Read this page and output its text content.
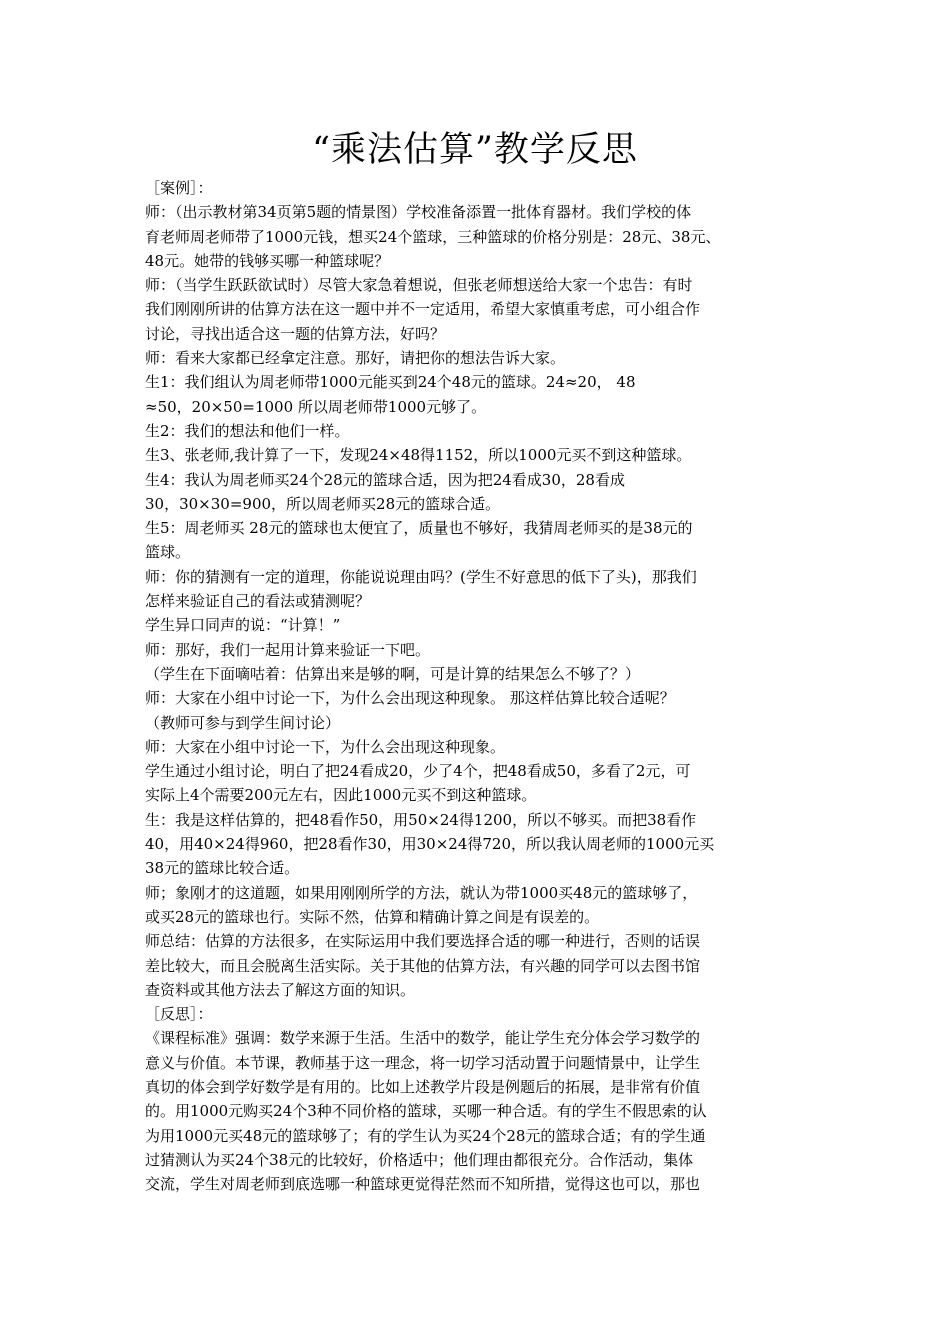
“乘法估算”教学反思
［案例］：
师：（出示教材第34页第5题的情景图）学校准备添置一批体育器材。我们学校的体
育老师周老师带了1000元钱，想买24个篮球，三种篮球的价格分别是：28元、38元、
48元。她带的钱够买哪一种篮球呢？
师：（当学生跃跃欲试时）尽管大家急着想说，但张老师想送给大家一个忠告：有时
我们刚刚所讲的估算方法在这一题中并不一定适用，希望大家慎重考虑，可小组合作
讨论，寻找出适合这一题的估算方法，好吗？
师：看来大家都已经拿定注意。那好，请把你的想法告诉大家。
生1：我们组认为周老师带1000元能买到24个48元的篮球。24≈20， 48
≈50，20×50=1000 所以周老师带1000元够了。
生2：我们的想法和他们一样。
生3、张老师,我计算了一下，发现24×48得1152，所以1000元买不到这种篮球。
生4：我认为周老师买24个28元的篮球合适，因为把24看成30，28看成
30，30×30=900，所以周老师买28元的篮球合适。
生5：周老师买 28元的篮球也太便宜了，质量也不够好，我猜周老师买的是38元的
篮球。
师：你的猜测有一定的道理，你能说说理由吗？(学生不好意思的低下了头)，那我们
怎样来验证自己的看法或猜测呢？
学生异口同声的说：“计算！”
师：那好，我们一起用计算来验证一下吧。
（学生在下面嘀咕着：估算出来是够的啊，可是计算的结果怎么不够了？）
师：大家在小组中讨论一下，为什么会出现这种现象。 那这样估算比较合适呢？
（教师可参与到学生间讨论）
师：大家在小组中讨论一下，为什么会出现这种现象。
学生通过小组讨论，明白了把24看成20，少了4个，把48看成50，多看了2元，可
实际上4个需要200元左右，因此1000元买不到这种篮球。
生：我是这样估算的，把48看作50，用50×24得1200，所以不够买。而把38看作
40，用40×24得960，把28看作30，用30×24得720，所以我认周老师的1000元买
38元的篮球比较合适。
师；象刚才的这道题，如果用刚刚所学的方法，就认为带1000买48元的篮球够了，
或买28元的篮球也行。实际不然，估算和精确计算之间是有误差的。
师总结：估算的方法很多，在实际运用中我们要选择合适的哪一种进行，否则的话误
差比较大，而且会脱离生活实际。关于其他的估算方法，有兴趣的同学可以去图书馆
查资料或其他方法去了解这方面的知识。
［反思］：
《课程标准》强调：数学来源于生活。生活中的数学，能让学生充分体会学习数学的
意义与价值。本节课，教师基于这一理念，将一切学习活动置于问题情景中，让学生
真切的体会到学好数学是有用的。比如上述教学片段是例题后的拓展，是非常有价值
的。用1000元购买24个3种不同价格的篮球，买哪一种合适。有的学生不假思索的认
为用1000元买48元的篮球够了；有的学生认为买24个28元的篮球合适；有的学生通
过猜测认为买24个38元的比较好，价格适中；他们理由都很充分。合作活动，集体
交流，学生对周老师到底选哪一种篮球更觉得茫然而不知所措，觉得这也可以，那也
